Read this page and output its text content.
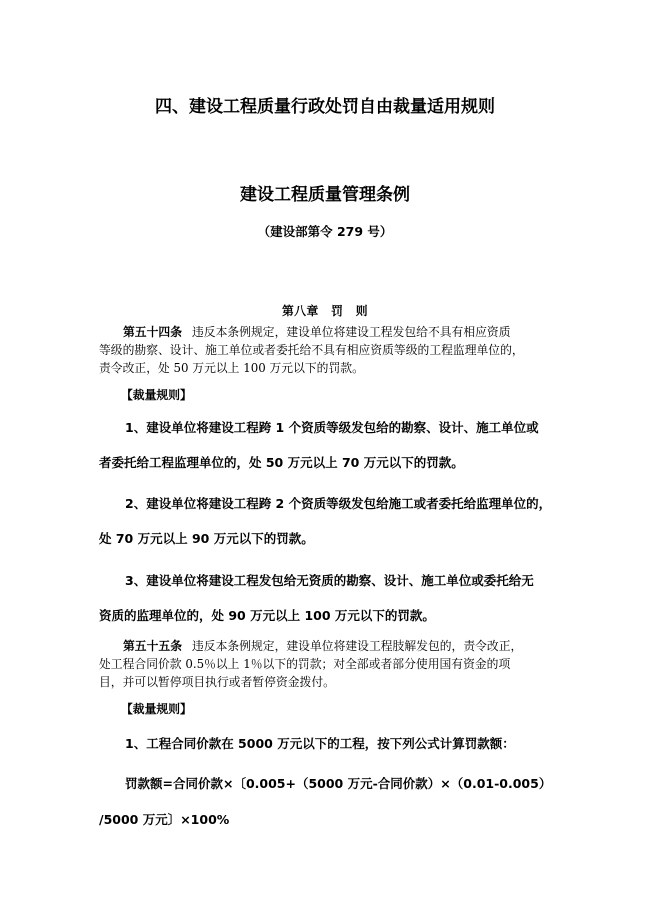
四、建设工程质量行政处罚自由裁量适用规则
建设工程质量管理条例
（建设部第令 279 号）
第八章　 罚　则
第五十四条 违反本条例规定，建设单位将建设工程发包给不具有相应资质
等级的勘察、设计、施工单位或者委托给不具有相应资质等级的工程监理单位的，
责令改正，处 50 万元以上 100 万元以下的罚款。
【裁量规则】
1、建设单位将建设工程跨 1 个资质等级发包给的勘察、设计、施工单位或
者委托给工程监理单位的，处 50 万元以上 70 万元以下的罚款。
2、建设单位将建设工程跨 2 个资质等级发包给施工或者委托给监理单位的，
处 70 万元以上 90 万元以下的罚款。
3、建设单位将建设工程发包给无资质的勘察、设计、施工单位或委托给无
资质的监理单位的，处 90 万元以上 100 万元以下的罚款。
第五十五条 违反本条例规定，建设单位将建设工程肢解发包的，责令改正，
处工程合同价款 0.5％以上 1％以下的罚款；对全部或者部分使用国有资金的项
目，并可以暂停项目执行或者暂停资金拨付。
【裁量规则】
1、工程合同价款在 5000 万元以下的工程，按下列公式计算罚款额：
罚款额=合同价款×〔0.005+（5000 万元-合同价款）×（0.01-0.005）
/5000 万元〕×100%
